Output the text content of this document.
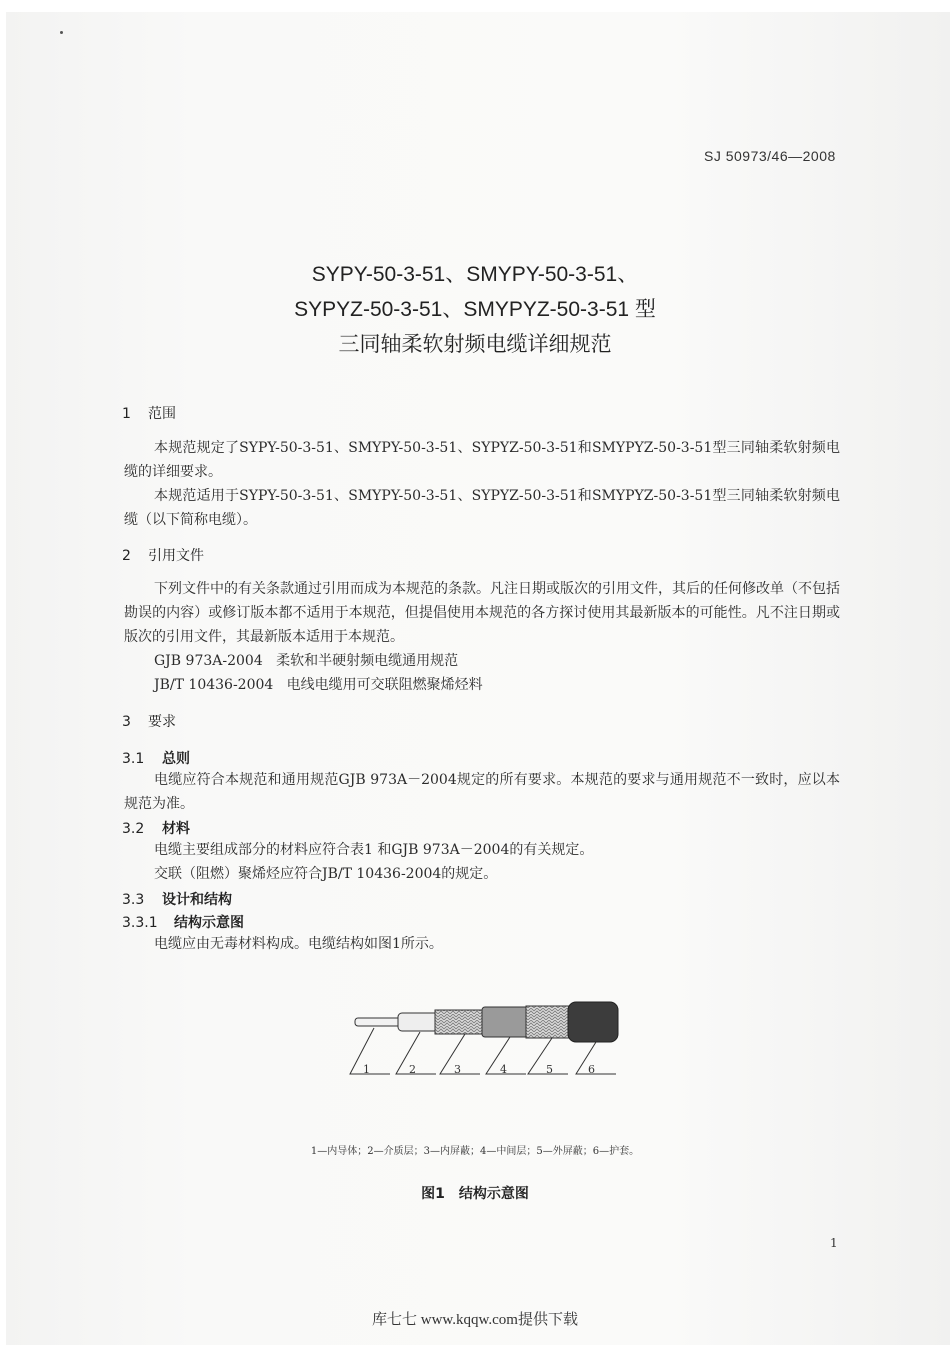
SJ 50973/46—2008
SYPY-50-3-51、SMYPY-50-3-51、
SYPYZ-50-3-51、SMYPYZ-50-3-51 型
三同轴柔软射频电缆详细规范
1 范围
本规范规定了SYPY-50-3-51、SMYPY-50-3-51、SYPYZ-50-3-51和SMYPYZ-50-3-51型三同轴柔软射频电缆的详细要求。
本规范适用于SYPY-50-3-51、SMYPY-50-3-51、SYPYZ-50-3-51和SMYPYZ-50-3-51型三同轴柔软射频电缆（以下简称电缆）。
2 引用文件
下列文件中的有关条款通过引用而成为本规范的条款。凡注日期或版次的引用文件，其后的任何修改单（不包括勘误的内容）或修订版本都不适用于本规范，但提倡使用本规范的各方探讨使用其最新版本的可能性。凡不注日期或版次的引用文件，其最新版本适用于本规范。
GJB 973A-2004 柔软和半硬射频电缆通用规范
JB/T 10436-2004 电线电缆用可交联阻燃聚烯烃料
3 要求
3.1 总则
电缆应符合本规范和通用规范GJB 973A－2004规定的所有要求。本规范的要求与通用规范不一致时，应以本规范为准。
3.2 材料
电缆主要组成部分的材料应符合表1 和GJB 973A－2004的有关规定。
交联（阻燃）聚烯烃应符合JB/T 10436-2004的规定。
3.3 设计和结构
3.3.1 结构示意图
电缆应由无毒材料构成。电缆结构如图1所示。
1	2	3	4	5	6
1—内导体；2—介质层；3—内屏蔽；4—中间层；5—外屏蔽；6—护套。
图1　结构示意图
1
库七七 www.kqqw.com提供下载
